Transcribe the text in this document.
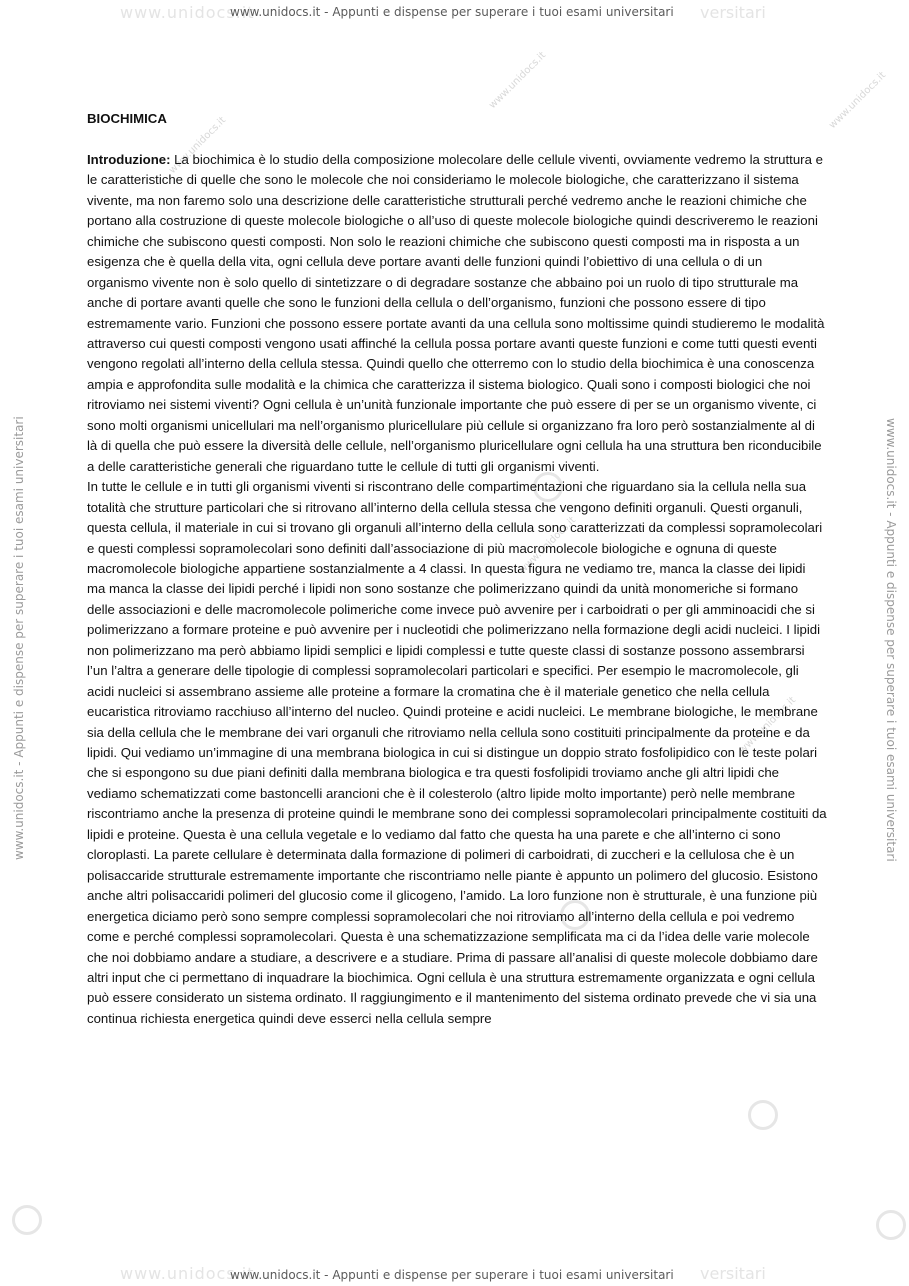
www.unidocs.it	versitari
www.unidocs.it - Appunti e dispense per superare i tuoi esami universitari
www.unidocs.it - Appunti e dispense per superare i tuoi esami universitari	www.unidocs.it - Appunti e dispense per superare i tuoi esami universitari
www.unidocs.it
www.unidocs.it
www.unidocs.it
www.unidocs.it
www.unidocs.it

BIOCHIMICA

Introduzione: La biochimica è lo studio della composizione molecolare delle cellule viventi, ovviamente vedremo la struttura e le caratteristiche di quelle che sono le molecole che noi consideriamo le molecole biologiche, che caratterizzano il sistema vivente, ma non faremo solo una descrizione delle caratteristiche strutturali perché vedremo anche le reazioni chimiche che portano alla costruzione di queste molecole biologiche o all’uso di queste molecole biologiche quindi descriveremo le reazioni chimiche che subiscono questi composti. Non solo le reazioni chimiche che subiscono questi composti ma in risposta a un esigenza che è quella della vita, ogni cellula deve portare avanti delle funzioni quindi l’obiettivo di una cellula o di un organismo vivente non è solo quello di sintetizzare o di degradare sostanze che abbaino poi un ruolo di tipo strutturale ma anche di portare avanti quelle che sono le funzioni della cellula o dell’organismo, funzioni che possono essere di tipo estremamente vario. Funzioni che possono essere portate avanti da una cellula sono moltissime quindi studieremo le modalità attraverso cui questi composti vengono usati affinché la cellula possa portare avanti queste funzioni e come tutti questi eventi vengono regolati all’interno della cellula stessa. Quindi quello che otterremo con lo studio della biochimica è una conoscenza ampia e approfondita sulle modalità e la chimica che caratterizza il sistema biologico. Quali sono i composti biologici che noi ritroviamo nei sistemi viventi? Ogni cellula è un’unità funzionale importante che può essere di per se un organismo vivente, ci sono molti organismi unicellulari ma nell’organismo pluricellulare più cellule si organizzano fra loro però sostanzialmente al di là di quella che può essere la diversità delle cellule, nell’organismo pluricellulare ogni cellula ha una struttura ben riconducibile a delle caratteristiche generali che riguardano tutte le cellule di tutti gli organismi viventi.

In tutte le cellule e in tutti gli organismi viventi si riscontrano delle compartimentazioni che riguardano sia la cellula nella sua totalità che strutture particolari che si ritrovano all’interno della cellula stessa che vengono definiti organuli. Questi organuli, questa cellula, il materiale in cui si trovano gli organuli all’interno della cellula sono caratterizzati da complessi sopramolecolari e questi complessi sopramolecolari sono definiti dall’associazione di più macromolecole biologiche e ognuna di queste macromolecole biologiche appartiene sostanzialmente a 4 classi. In questa figura ne vediamo tre, manca la classe dei lipidi ma manca la classe dei lipidi perché i lipidi non sono sostanze che polimerizzano quindi da unità monomeriche si formano delle associazioni e delle macromolecole polimeriche come invece può avvenire per i carboidrati o per gli amminoacidi che si polimerizzano a formare proteine e può avvenire per i nucleotidi che polimerizzano nella formazione degli acidi nucleici. I lipidi non polimerizzano ma però abbiamo lipidi semplici e lipidi complessi e tutte queste classi di sostanze possono assembrarsi l’un l’altra a generare delle tipologie di complessi sopramolecolari particolari e specifici. Per esempio le macromolecole, gli acidi nucleici si assembrano assieme alle proteine a formare la cromatina che è il materiale genetico che nella cellula eucaristica ritroviamo racchiuso all’interno del nucleo. Quindi proteine e acidi nucleici. Le membrane biologiche, le membrane sia della cellula che le membrane dei vari organuli che ritroviamo nella cellula sono costituiti principalmente da proteine e da lipidi. Qui vediamo un’immagine di una membrana biologica in cui si distingue un doppio strato fosfolipidico con le teste polari che si espongono su due piani definiti dalla membrana biologica e tra questi fosfolipidi troviamo anche gli altri lipidi che vediamo schematizzati come bastoncelli arancioni che è il colesterolo (altro lipide molto importante) però nelle membrane riscontriamo anche la presenza di proteine quindi le membrane sono dei complessi sopramolecolari principalmente costituiti da lipidi e proteine. Questa è una cellula vegetale e lo vediamo dal fatto che questa ha una parete e che all’interno ci sono cloroplasti. La parete cellulare è determinata dalla formazione di polimeri di carboidrati, di zuccheri e la cellulosa che è un polisaccaride strutturale estremamente importante che riscontriamo nelle piante è appunto un polimero del glucosio. Esistono anche altri polisaccaridi polimeri del glucosio come il glicogeno, l’amido. La loro funzione non è strutturale, è una funzione più energetica diciamo però sono sempre complessi sopramolecolari che noi ritroviamo all’interno della cellula e poi vedremo come e perché complessi sopramolecolari. Questa è una schematizzazione semplificata ma ci da l’idea delle varie molecole che noi dobbiamo andare a studiare, a descrivere e a studiare. Prima di passare all’analisi di queste molecole dobbiamo dare altri input che ci permettano di inquadrare la biochimica. Ogni cellula è una struttura estremamente organizzata e ogni cellula può essere considerato un sistema ordinato. Il raggiungimento e il mantenimento del sistema ordinato prevede che vi sia una continua richiesta energetica quindi deve esserci nella cellula sempre

www.unidocs.it	versitari
www.unidocs.it - Appunti e dispense per superare i tuoi esami universitari
